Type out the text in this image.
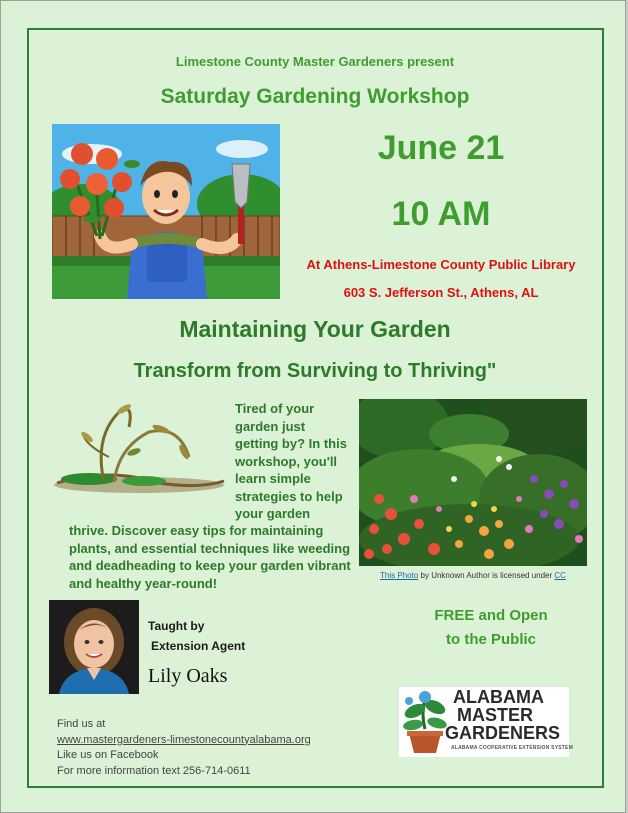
Limestone County Master Gardeners present
Saturday Gardening Workshop
June 21
10 AM
At Athens-Limestone County Public Library
603 S. Jefferson St., Athens, AL
Maintaining Your Garden
Transform from Surviving to Thriving"
Tired of your
garden just
getting by? In this
workshop, you'll
learn simple
strategies to help
your garden
thrive. Discover easy tips for maintaining plants, and essential techniques like weeding and deadheading to keep your garden vibrant and healthy year-round!	This Photo by Unknown Author is licensed under CC
Taught by
Extension Agent
Lily Oaks
FREE and Open
to the Public
Find us at
www.mastergardeners-limestonecountyalabama.org
Like us on Facebook
For more information text 256-714-0611
ALABAMA
MASTER
GARDENERS
ALABAMA COOPERATIVE EXTENSION SYSTEM
